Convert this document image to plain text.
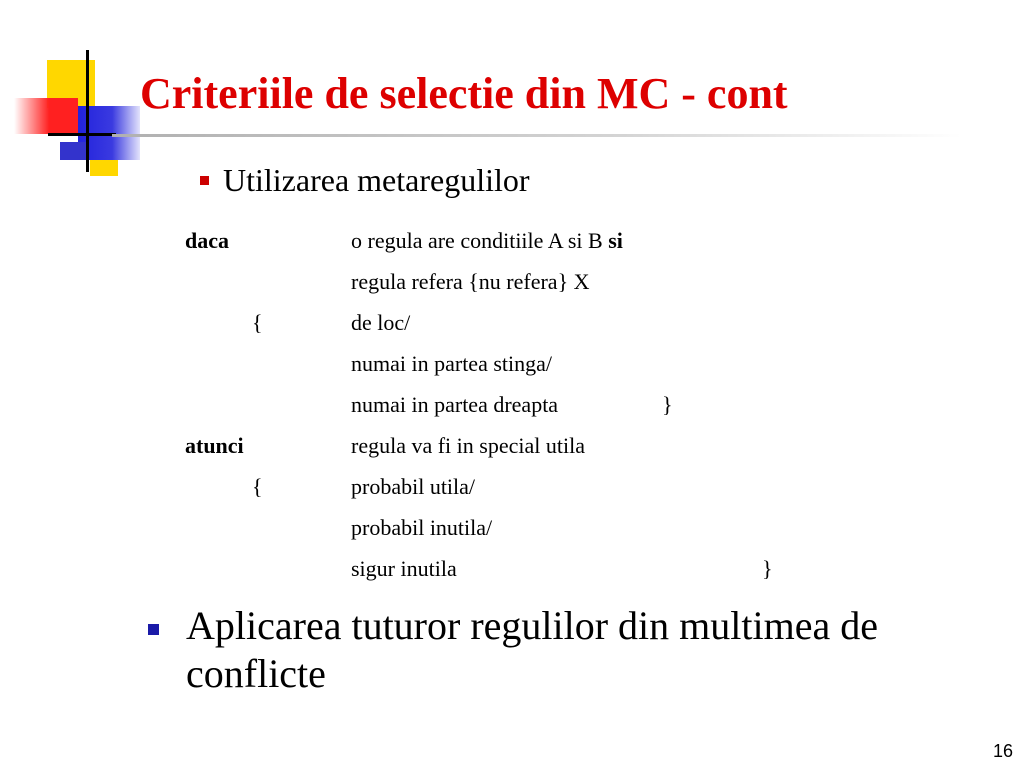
Criteriile de selectie din MC - cont
Utilizarea metaregulilor
daca	o regula are conditiile A si B si
regula refera {nu refera} X
{	de loc/
numai in partea stinga/
numai in partea dreapta	}
atunci	regula va fi in special utila
{	probabil utila/
probabil inutila/
sigur inutila	}
Aplicarea tuturor regulilor din multimea de conflicte
16
